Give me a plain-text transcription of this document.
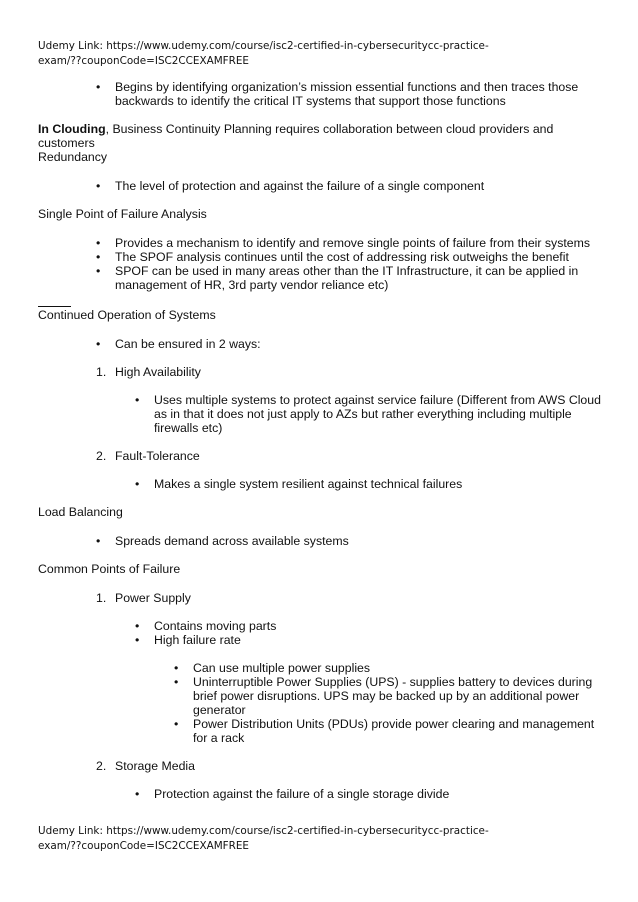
Udemy Link: https://www.udemy.com/course/isc2-certified-in-cybersecuritycc-practice-
exam/??couponCode=ISC2CCEXAMFREE
• Begins by identifying organization’s mission essential functions and then traces those backwards to identify the critical IT systems that support those functions

In Clouding, Business Continuity Planning requires collaboration between cloud providers and customers

Redundancy

• The level of protection and against the failure of a single component

Single Point of Failure Analysis

• Provides a mechanism to identify and remove single points of failure from their systems
• The SPOF analysis continues until the cost of addressing risk outweighs the benefit
• SPOF can be used in many areas other than the IT Infrastructure, it can be applied in management of HR, 3rd party vendor reliance etc)

Continued Operation of Systems

• Can be ensured in 2 ways:
1. High Availability
• Uses multiple systems to protect against service failure (Different from AWS Cloud as in that it does not just apply to AZs but rather everything including multiple firewalls etc)
2. Fault-Tolerance
• Makes a single system resilient against technical failures

Load Balancing

• Spreads demand across available systems

Common Points of Failure

1. Power Supply
• Contains moving parts
• High failure rate
• Can use multiple power supplies
• Uninterruptible Power Supplies (UPS) - supplies battery to devices during brief power disruptions. UPS may be backed up by an additional power generator
• Power Distribution Units (PDUs) provide power clearing and management for a rack
2. Storage Media
• Protection against the failure of a single storage divide
Udemy Link: https://www.udemy.com/course/isc2-certified-in-cybersecuritycc-practice-
exam/??couponCode=ISC2CCEXAMFREE
